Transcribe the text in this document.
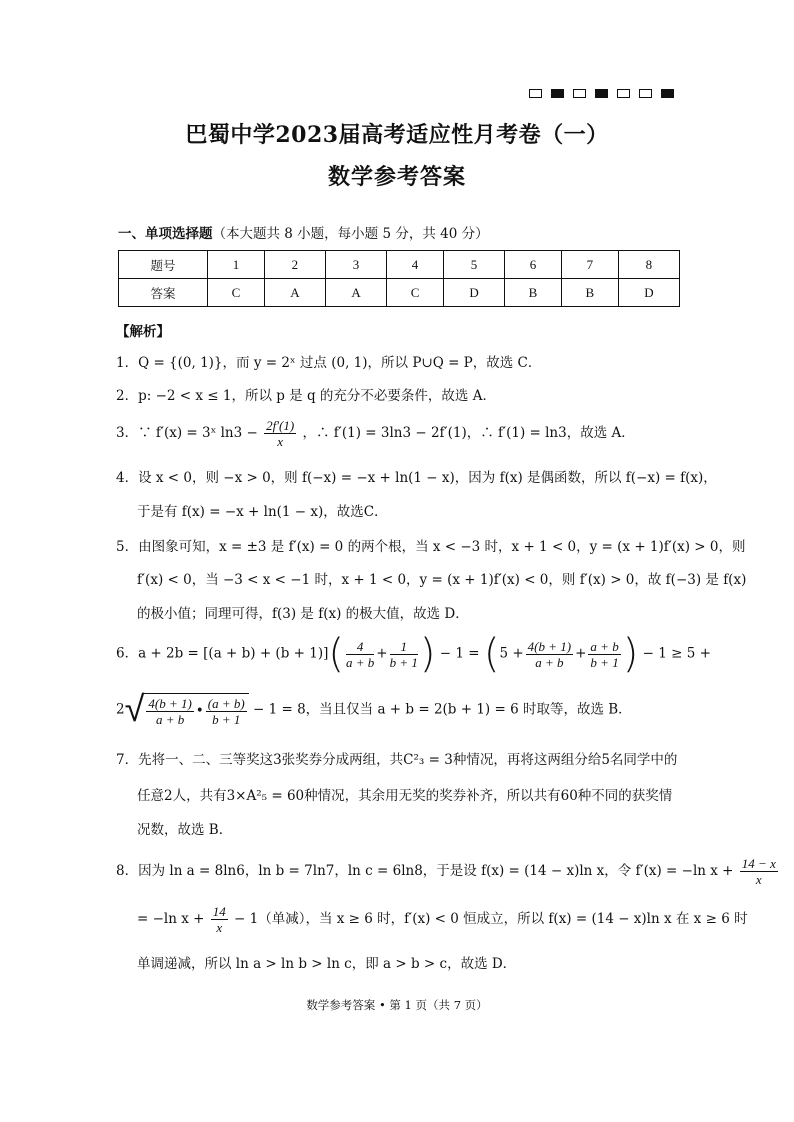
巴蜀中学2023届高考适应性月考卷（一）
数学参考答案
一、单项选择题（本大题共 8 小题，每小题 5 分，共 40 分）
题号	1	2	3	4	5	6	7	8
答案	C	A	A	C	D	B	B	D
【解析】
1．Q = {(0, 1)}，而 y = 2ˣ 过点 (0, 1)，所以 P∪Q = P，故选 C．
2．p: −2 < x ≤ 1，所以 p 是 q 的充分不必要条件，故选 A．
3．∵ f′(x) = 3ˣ $\ln 3 - \frac{2f'(1)}{x}$ ，∴ f′(1) = 3ln3 − 2f′(1)，∴ f′(1) = ln3，故选 A．
4．设 x < 0，则 −x > 0，则 f(−x) = −x + ln(1 − x)，因为 f(x) 是偶函数，所以 f(−x) = f(x)，
于是有 f(x) = −x + ln(1 − x)，故选C．
5．由图象可知，x = ±3 是 f′(x) = 0 的两个根，当 x < −3 时，x + 1 < 0，y = (x + 1)f′(x) > 0，则
f′(x) < 0，当 −3 < x < −1 时，x + 1 < 0，y = (x + 1)f′(x) < 0，则 f′(x) > 0，故 f(−3) 是 f(x)
的极小值；同理可得，f(3) 是 f(x) 的极大值，故选 D．
6．$a + 2b = [(a + b) + (b + 1)]( \frac{4}{a + b} + \frac{1}{b + 1}$ ) − $1 = (5 + \frac{4(b + 1)}{a + b} + \frac{a + b}{b + 1}$ ) − 1 ≥ 5 +
$2√ \frac{4(b + 1)}{a + b}$ • $\frac{(a + b)}{b + 1} - 1 = 8$，当且仅当 a + b = 2(b + 1) = 6 时取等，故选 B．
7．先将一、二、三等奖这3张奖券分成两组，共C²₃ = 3种情况，再将这两组分给5名同学中的
任意2人，共有3×A²₅ = 60种情况，其余用无奖的奖券补齐，所以共有60种不同的获奖情
况数，故选 B．
8．因为 ln a = 8ln6，ln b = 7ln7，ln c = 6ln8，于是设 f(x) = (14 − x)ln x，令 f′(x) = −ln $x + \frac{14 - x}{x}$
= −ln $x + \frac{14}{x} - 1$（单减），当 x ≥ 6 时，f′(x) < 0 恒成立，所以 f(x) = (14 − x)ln x 在 x ≥ 6 时
单调递减，所以 ln a > ln b > ln c，即 a > b > c，故选 D．
数学参考答案 • 第 1 页（共 7 页）
